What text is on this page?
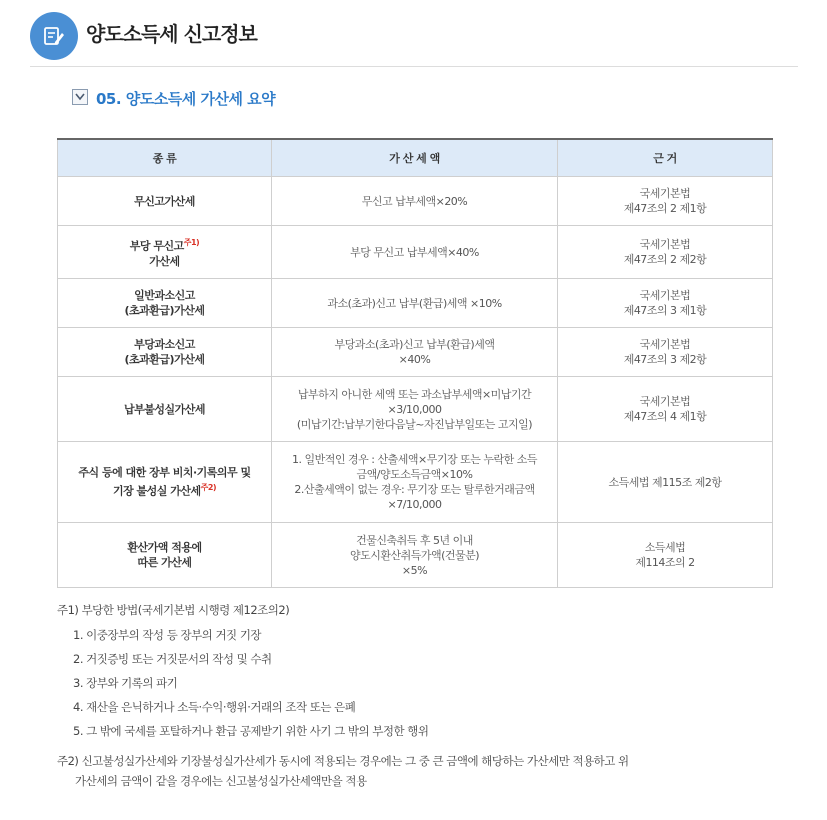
양도소득세 신고정보
05. 양도소득세 가산세 요약
종 류	가 산 세 액	근 거
무신고가산세	무신고 납부세액×20%	국세기본법
제47조의 2 제1항
부당 무신고$^{주1)}$
가산세	부당 무신고 납부세액×40%	국세기본법
제47조의 2 제2항
일반과소신고
(초과환급)가산세	과소(초과)신고 납부(환급)세액 ×10%	국세기본법
제47조의 3 제1항
부당과소신고
(초과환급)가산세	부당과소(초과)신고 납부(환급)세액
×40%	국세기본법
제47조의 3 제2항
납부불성실가산세	납부하지 아니한 세액 또는 과소납부세액×미납기간
×3/10,000
(미납기간:납부기한다음날~자진납부일또는 고지일)	국세기본법
제47조의 4 제1항
주식 등에 대한 장부 비치·기록의무 및
기장 불성실 가산세$^{주2)}$	1. 일반적인 경우 : 산출세액×무기장 또는 누락한 소득
금액/양도소득금액×10%
2.산출세액이 없는 경우: 무기장 또는 탈루한거래금액
×7/10,000	소득세법 제115조 제2항
환산가액 적용에
따른 가산세	건물신축취득 후 5년 이내
양도시환산취득가액(건물분)
×5%	소득세법
제114조의 2
주1) 부당한 방법(국세기본법 시행령 제12조의2)
1. 이중장부의 작성 등 장부의 거짓 기장
2. 거짓증빙 또는 거짓문서의 작성 및 수취
3. 장부와 기록의 파기
4. 재산을 은닉하거나 소득·수익·행위·거래의 조작 또는 은폐
5. 그 밖에 국세를 포탈하거나 환급 공제받기 위한 사기 그 밖의 부정한 행위
주2) 신고불성실가산세와 기장불성실가산세가 동시에 적용되는 경우에는 그 중 큰 금액에 해당하는 가산세만 적용하고 위
가산세의 금액이 같을 경우에는 신고불성실가산세액만을 적용
